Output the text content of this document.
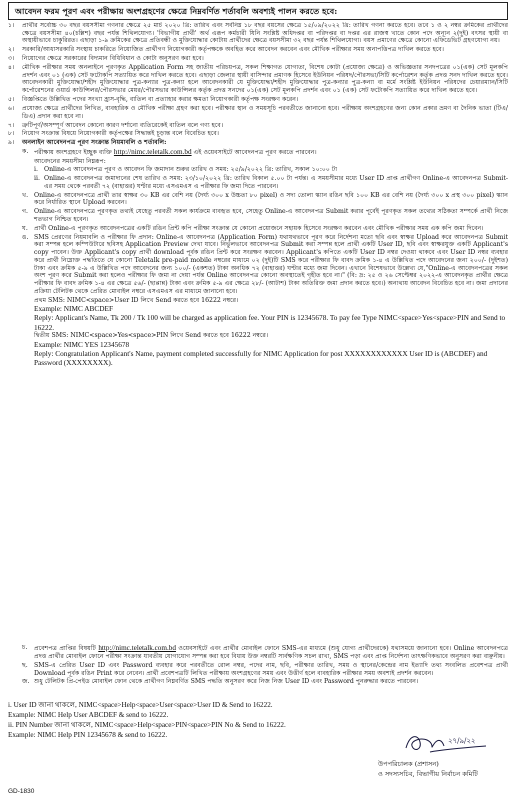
আবেদন ফরম পূরণ এবং পরীক্ষায় অংশগ্রহণের ক্ষেত্রে নিম্নবর্ণিত শর্তাবলি অবশ্যই পালন করতে হবে:
১।	প্রার্থীর সর্বোচ্চ ৩০ বছর বয়সসীমা গণনার ক্ষেত্রে ২৫ মার্চ ২০২০ খ্রি: তারিখ এবং সর্বনিম্ন ১৮ বছর বয়সের ক্ষেত্রে ১৫/০৯/২০২২ খ্রি: তারিখ গণনা করতে হবে। তবে ১ ও ২ নম্বর ক্রমিকের প্রার্থীদের ক্ষেত্রে বয়সসীমা ৪০(চল্লিশ) বছর পর্যন্ত শিথিলযোগ্য। 'বিভাগীয় প্রার্থী' অর্থ এরূপ কর্মচারী যিনি সংশ্লিষ্ট অধিদপ্তর বা পরিদপ্তর বা দপ্তর এর রাজস্ব খাতে কোন পদে অন্যূন ২(দুই) বৎসর স্থায়ী বা অস্থায়ীভাবে চাকুরিরত। এছাড়া ১-৯ ক্রমিকের ক্ষেত্রে প্রতিবন্ধী ও মুক্তিযোদ্ধার কোটায় প্রার্থীদের ক্ষেত্রে বয়সসীমা ৩২ বছর পর্যন্ত শিথিলযোগ্য। বয়স প্রমাণের ক্ষেত্রে কোনো এফিডেভিট গ্রহণযোগ্য নয়।
২।	সরকারি/আধাসরকারি সংস্থায় চাকরিতে নিয়োজিত প্রার্থীগণ নিয়োগকারী কর্তৃপক্ষকে অবহিত করে আবেদন করবেন এবং মৌখিক পরীক্ষার সময় অনাপত্তিপত্র দাখিল করতে হবে।
৩।	নিয়োগের ক্ষেত্রে সরকারের বিদ্যমান বিধিবিধান ও কোটা অনুসরণ করা হবে।
৪।	মৌখিক পরীক্ষার সময় অনলাইনে পূরণকৃত Application Form সহ জাতীয় পরিচয়পত্র, সকল শিক্ষাগত যোগ্যতা, বিশেষ কোটা (প্রযোজ্য ক্ষেত্রে) ও অভিজ্ঞতার সনদপত্রের ০১(এক) সেট মূলকপি প্রদর্শন এবং ০১ (এক) সেট ফটোকপি সত্যায়িত করে দাখিল করতে হবে। এছাড়া জেলার স্থায়ী বাসিন্দার প্রমাণক হিসেবে ইউনিয়ন পরিষদ/পৌরসভা/সিটি কর্পোরেশন কর্তৃক প্রদত্ত সনদ দাখিল করতে হবে। আবেদনকারী মুক্তিযোদ্ধা/শহীদ মুক্তিযোদ্ধার পুত্র-কন্যার পুত্র-কন্যা হলে আবেদনকারী যে মুক্তিযোদ্ধা/শহীদ মুক্তিযোদ্ধার পুত্র-কন্যার পুত্র-কন্যা বা মর্মে সংশ্লিষ্ট ইউনিয়ন পরিষদের চেয়ারম্যান/সিটি কর্পোরেশনের ওয়ার্ড কাউন্সিলর/পৌরসভার মেয়র/পৌরসভার কাউন্সিলর কর্তৃক প্রদত্ত সনদের ০১(এক) সেট মূলকপি প্রদর্শন এবং ০১ (এক) সেট ফটোকপি সত্যায়িত করে দাখিল করতে হবে।
৫।	বিজ্ঞপ্তিতে উল্লিখিত পদের সংখ্যা হ্রাস-বৃদ্ধি, বাতিল বা প্রত্যাহার করার ক্ষমতা নিয়োগকারী কর্তৃপক্ষ সংরক্ষণ করেন।
৬।	প্রযোজ্য ক্ষেত্রে প্রার্থীদের লিখিত, ব্যবহারিক ও মৌখিক পরীক্ষা গ্রহণ করা হবে। পরীক্ষার স্থান ও সময়সূচি পরবর্তীতে জানানো হবে। পরীক্ষায় অংশগ্রহণের জন্য কোন প্রকার ভ্রমণ বা দৈনিক ভাতা (টিএ/ডিএ) প্রদান করা হবে না।
৭।	ত্রুটিপূর্ণ/অসম্পূর্ণ আবেদন কোনো কারণ দর্শানো ব্যতিরেকেই বাতিল বলে গণ্য হবে।
৮।	নিয়োগ সংক্রান্ত বিষয়ে নিয়োগকারী কর্তৃপক্ষের সিদ্ধান্তই চূড়ান্ত বলে বিবেচিত হবে।
৯।	অনলাইন আবেদনপত্র পূরণ সংক্রান্ত নিয়মাবলি ও শর্তাবলি:
ক. পরীক্ষায় অংশগ্রহণে ইচ্ছুক ব্যক্তি http://nimc.teletalk.com.bd এই ওয়েবসাইটে আবেদনপত্র পূরণ করতে পারবেন।
আবেদনের সময়সীমা নিম্নরূপ:
i. Online-এ আবেদনপত্র পূরণ ও আবেদন ফি জমাদান শুরুর তারিখ ও সময়: ২৫/৯/২০২২ খ্রি: তারিখ, সকাল ১০:০০ টা
ii. Online-এ আবেদনপত্র জমাদানের শেষ তারিখ ও সময়: ২৩/১০/২০২২ খ্রি: তারিখ বিকাল ৫.০০ টা পর্যন্ত। এ সময়সীমার মধ্যে User ID প্রাপ্ত প্রার্থীগণ Online-এ আবেদনপত্র Submit-এর সময় থেকে পরবর্তী ৭২ (বাহাত্তর) ঘণ্টার মধ্যে এসএমএস এ পরীক্ষার ফি জমা দিতে পারবেন।
খ. Online-এ আবেদনপত্রে প্রার্থী তার স্বাক্ষর ৩০ KB এর বেশি নয় (দৈর্ঘ্য ৩০০ x উচ্চতা ৮০ pixel) ও সদ্য তোলা স্ক্যান রঙিন ছবি ১০০ KB এর বেশি নয় (দৈর্ঘ্য ৩০০ x প্রস্থ ৩০০ pixel) স্ক্যান করে নির্ধারিত স্থানে Upload করবেন।
গ. Online-এ আবেদনপত্রে পূরণকৃত তথ্যই যেহেতু পরবর্তী সকল কার্যক্রমে ব্যবহৃত হবে, সেহেতু Online-এ আবেদনপত্র Submit করার পূর্বেই পূরণকৃত সকল তথ্যের সঠিকতা সম্পর্কে প্রার্থী নিজে শতভাগ নিশ্চিত হবেন।
ঘ.	প্রার্থী Online-এ পূরণকৃত আবেদনপত্রের একটি রঙিন প্রিন্ট কপি পরীক্ষা সংক্রান্ত যে কোনো প্রয়োজনে সহায়ক হিসেবে সংরক্ষণ করবেন এবং মৌখিক পরীক্ষার সময় এক কপি জমা দিবেন।
ঙ. SMS প্রেরণের নিয়মাবলি ও পরীক্ষার ফি প্রদান: Online-এ আবেদনপত্র (Application Form) যথাযথভাবে পূরণ করে নির্দেশনা মতো ছবি এবং স্বাক্ষর Upload করে আবেদনপত্র Submit করা সম্পন্ন হলে কম্পিউটারে ছবিসহ Application Preview দেখা যাবে। নির্ভুলভাবে আবেদনপত্র Submit করা সম্পন্ন হলে প্রার্থী একটি User ID, ছবি এবং স্বাক্ষরযুক্ত একটি Applicant's copy পাবেন। উক্ত Applicant's copy প্রার্থী download পূর্বক রঙিন প্রিন্ট করে সংরক্ষণ করবেন। Applicant's কপিতে একটি User ID নম্বর দেওয়া থাকবে এবং User ID নম্বর ব্যবহার করে প্রার্থী নিম্নোক্ত পদ্ধতিতে যে কোনো Teletalk pre-paid mobile নম্বরের মাধ্যমে ০২ (দুই)টি SMS করে পরীক্ষার ফি বাবদ ক্রমিক ১-৪ এ উল্লিখিত পদে আবেদনের জন্য ২০০/- (দুইশত) টাকা এবং ক্রমিক ৫-৯ এ উল্লিখিত পদে আবেদনের জন্য ১০০/- (একশত) টাকা অনধিক ৭২ (বাহাত্তর) ঘণ্টার মধ্যে জমা দিবেন। এখানে বিশেষভাবে উল্লেখ্য যে,"Online-এ আবেদনপত্রের সকল অংশ পূরণ করে Submit করা হলেও পরীক্ষার ফি জমা না দেয়া পর্যন্ত Online আবেদনপত্র কোনো অবস্থাতেই গৃহীত হবে না।" (বি: দ্র: ২৫ ও ২৬ সেপ্টেম্বর ২০২২-এ আবেদনকৃত প্রার্থীর ক্ষেত্রে পরীক্ষার ফি বাবদ ক্রমিক ১-৪ এর ক্ষেত্রে ৫৬/- (ছাপ্পান্ন) টাকা এবং ক্রমিক ৫-৯ এর ক্ষেত্রে ২৮/- (আটাশ) টাকা অতিরিক্ত জমা প্রদান করতে হবে।) অন্যথায় আবেদন বিবেচিত হবে না। জমা প্রদানের প্রক্রিয়া টেলিটক থেকে প্রেরিত মোবাইল নম্বরে এসএমএস এর মাধ্যমে জানানো হবে।
প্রথম SMS: NIMC<space>User ID লিখে Send করতে হবে 16222 নম্বরে।
Example: NIMC ABCDEF
Reply: Applicant's Name, Tk 200 / Tk 100 will be charged as application fee. Your PIN is 12345678. To pay fee Type NIMC<space>Yes<space>PIN and Send to 16222.
দ্বিতীয় SMS: NIMC<space>Yes<space>PIN লিখে Send করতে হবে 16222 নম্বরে।
Example: NIMC YES 12345678
Reply: Congratulation Applicant's Name, payment completed successfully for NIMC Application for post XXXXXXXXXXXX User ID is (ABCDEF) and Password (XXXXXXXX).
চ.	প্রবেশপত্র প্রাপ্তির বিষয়টি http://nimc.teletalk.com.bd ওয়েবসাইটে এবং প্রার্থীর মোবাইল ফোনে SMS-এর মাধ্যমে (শুধু যোগ্য প্রার্থীদেরকে) যথাসময়ে জানানো হবে। Online আবেদনপত্রে প্রদত্ত প্রার্থীর মোবাইল ফোনে পরীক্ষা সংক্রান্ত যাবতীয় যোগাযোগ সম্পন্ন করা হবে বিধায় উক্ত নম্বরটি সার্বক্ষণিক সচল রাখা, SMS পড়া এবং প্রাপ্ত নির্দেশনা তাৎক্ষণিকভাবে অনুসরণ করা বাঞ্ছনীয়।
ছ.	SMS-এ প্রেরিত User ID এবং Password ব্যবহার করে পরবর্তীতে রোল নম্বর, পদের নাম, ছবি, পরীক্ষার তারিখ, সময় ও স্থানের/কেন্দ্রের নাম ইত্যাদি তথ্য সংবলিত প্রবেশপত্র প্রার্থী Download পূর্বক রঙিন Print করে নেবেন। প্রার্থী প্রবেশপত্রটি লিখিত পরীক্ষায় অংশগ্রহণের সময় এবং উত্তীর্ণ হলে ব্যবহারিক পরীক্ষার সময় অবশ্যই প্রদর্শন করবেন।
জ. শুধু টেলিটক প্রি-পেইড মোবাইল ফোন থেকে প্রার্থীগণ নিম্নবর্ণিত SMS পদ্ধতি অনুসরণ করে নিজ নিজ User ID এবং Password পুনরুদ্ধার করতে পারবেন।
i. User ID জানা থাকলে, NIMC<space>Help<space>User<space>User ID & Send to 16222.
Example: NIMC Help User ABCDEF & send to 16222.
ii. PIN Number জানা থাকলে, NIMC<space>Help<space>PIN<space>PIN No & Send to 16222.
Example: NIMC Help PIN 12345678 & send to 16222.
২৭/৯/২২
উপপরিচালক (প্রশাসন)
ও সদস্যসচিব, বিভাগীয় নির্বাচন কমিটি
GD-1830
